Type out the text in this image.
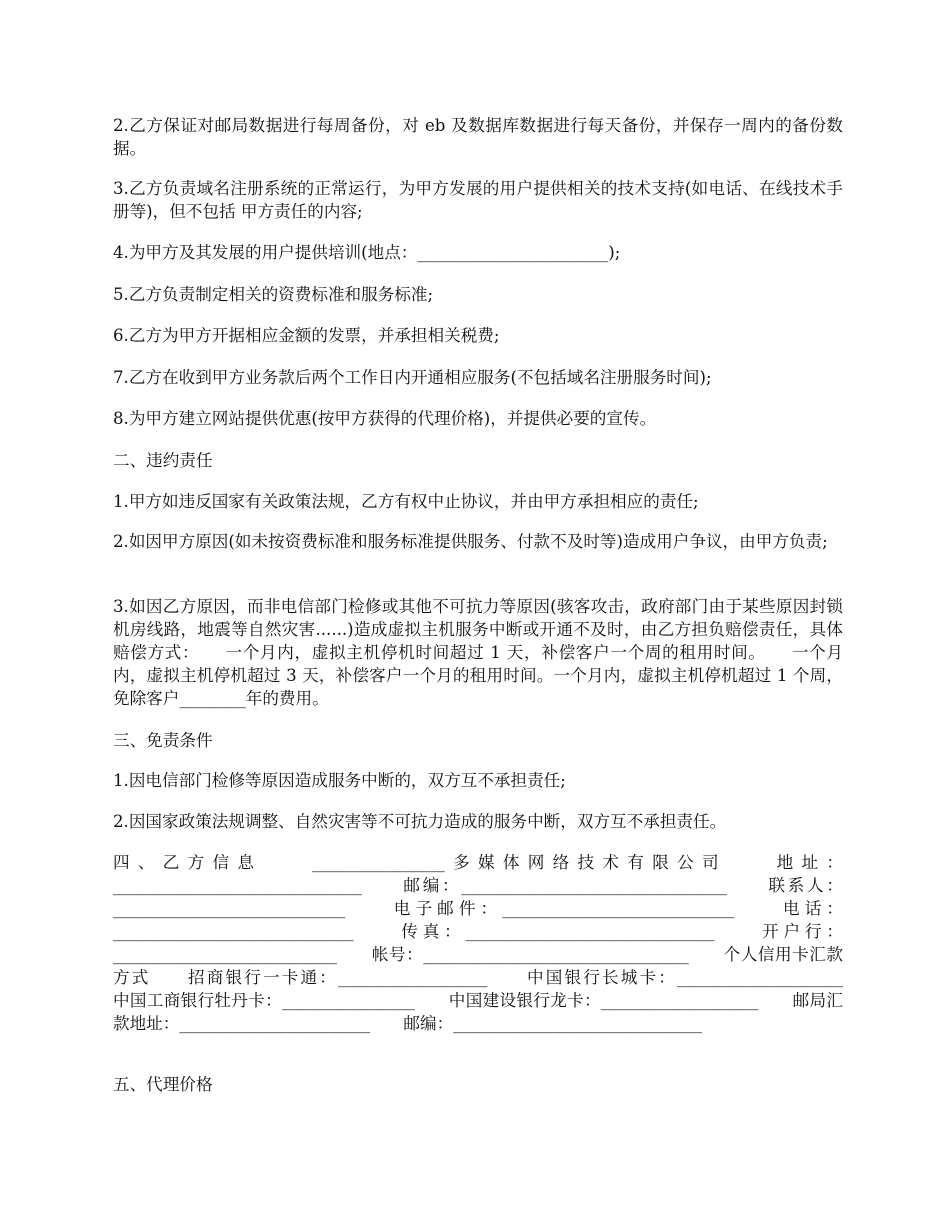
2.乙方保证对邮局数据进行每周备份，对 eb 及数据库数据进行每天备份，并保存一周内的备份数据。

3.乙方负责域名注册系统的正常运行，为甲方发展的用户提供相关的技术支持(如电话、在线技术手册等)，但不包括 甲方责任的内容;

4.为甲方及其发展的用户提供培训(地点：_______________________);

5.乙方负责制定相关的资费标准和服务标准;

6.乙方为甲方开据相应金额的发票，并承担相关税费;

7.乙方在收到甲方业务款后两个工作日内开通相应服务(不包括域名注册服务时间);

8.为甲方建立网站提供优惠(按甲方获得的代理价格)，并提供必要的宣传。

二、违约责任

1.甲方如违反国家有关政策法规，乙方有权中止协议，并由甲方承担相应的责任;

2.如因甲方原因(如未按资费标准和服务标准提供服务、付款不及时等)造成用户争议，由甲方负责;

3.如因乙方原因，而非电信部门检修或其他不可抗力等原因(骇客攻击，政府部门由于某些原因封锁机房线路，地震等自然灾害......)造成虚拟主机服务中断或开通不及时，由乙方担负赔偿责任，具体赔偿方式：　　一个月内，虚拟主机停机时间超过 1 天，补偿客户一个周的租用时间。　　一个月内，虚拟主机停机超过 3 天，补偿客户一个月的租用时间。一个月内，虚拟主机停机超过 1 个周，免除客户________年的费用。

三、免责条件

1.因电信部门检修等原因造成服务中断的，双方互不承担责任;

2.因国家政策法规调整、自然灾害等不可抗力造成的服务中断，双方互不承担责任。

四、乙方信息　　________________多媒体网络技术有限公司　　地址：______________________________　　邮编：________________________________　　联系人：____________________________　　电子邮件：____________________________　　电话：_____________________________　　传真：______________________________　　开户行：___________________________　　帐号：________________________________　　个人信用卡汇款方式　　招商银行一卡通：__________________　　中国银行长城卡：____________________　　中国工商银行牡丹卡：________________　　中国建设银行龙卡：___________________　　邮局汇款地址：_______________________　　邮编：______________________________

五、代理价格
